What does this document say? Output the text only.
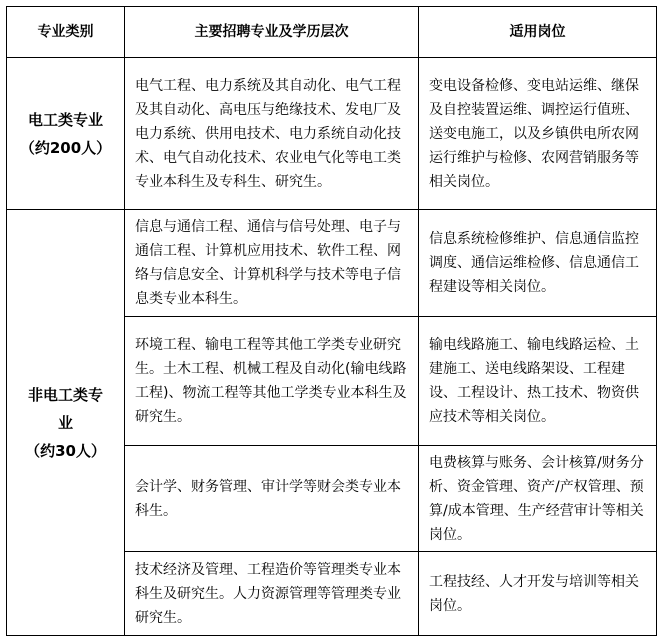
专业类别	主要招聘专业及学历层次	适用岗位

电工类专业
（约200人）	电气工程、电力系统及其自动化、电气工程及其自动化、高电压与绝缘技术、发电厂及电力系统、供用电技术、电力系统自动化技术、电气自动化技术、农业电气化等电工类专业本科生及专科生、研究生。	变电设备检修、变电站运维、继保及自控装置运维、调控运行值班、送变电施工，以及乡镇供电所农网运行维护与检修、农网营销服务等相关岗位。

非电工类专业
（约30人）	信息与通信工程、通信与信号处理、电子与通信工程、计算机应用技术、软件工程、网络与信息安全、计算机科学与技术等电子信息类专业本科生。	信息系统检修维护、信息通信监控调度、通信运维检修、信息通信工程建设等相关岗位。

	环境工程、输电工程等其他工学类专业研究生。土木工程、机械工程及自动化(输电线路工程)、物流工程等其他工学类专业本科生及研究生。	输电线路施工、输电线路运检、土建施工、送电线路架设、工程建设、工程设计、热工技术、物资供应技术等相关岗位。

	会计学、财务管理、审计学等财会类专业本科生。	电费核算与账务、会计核算/财务分析、资金管理、资产/产权管理、预算/成本管理、生产经营审计等相关岗位。

	技术经济及管理、工程造价等管理类专业本科生及研究生。人力资源管理等管理类专业研究生。	工程技经、人才开发与培训等相关岗位。
